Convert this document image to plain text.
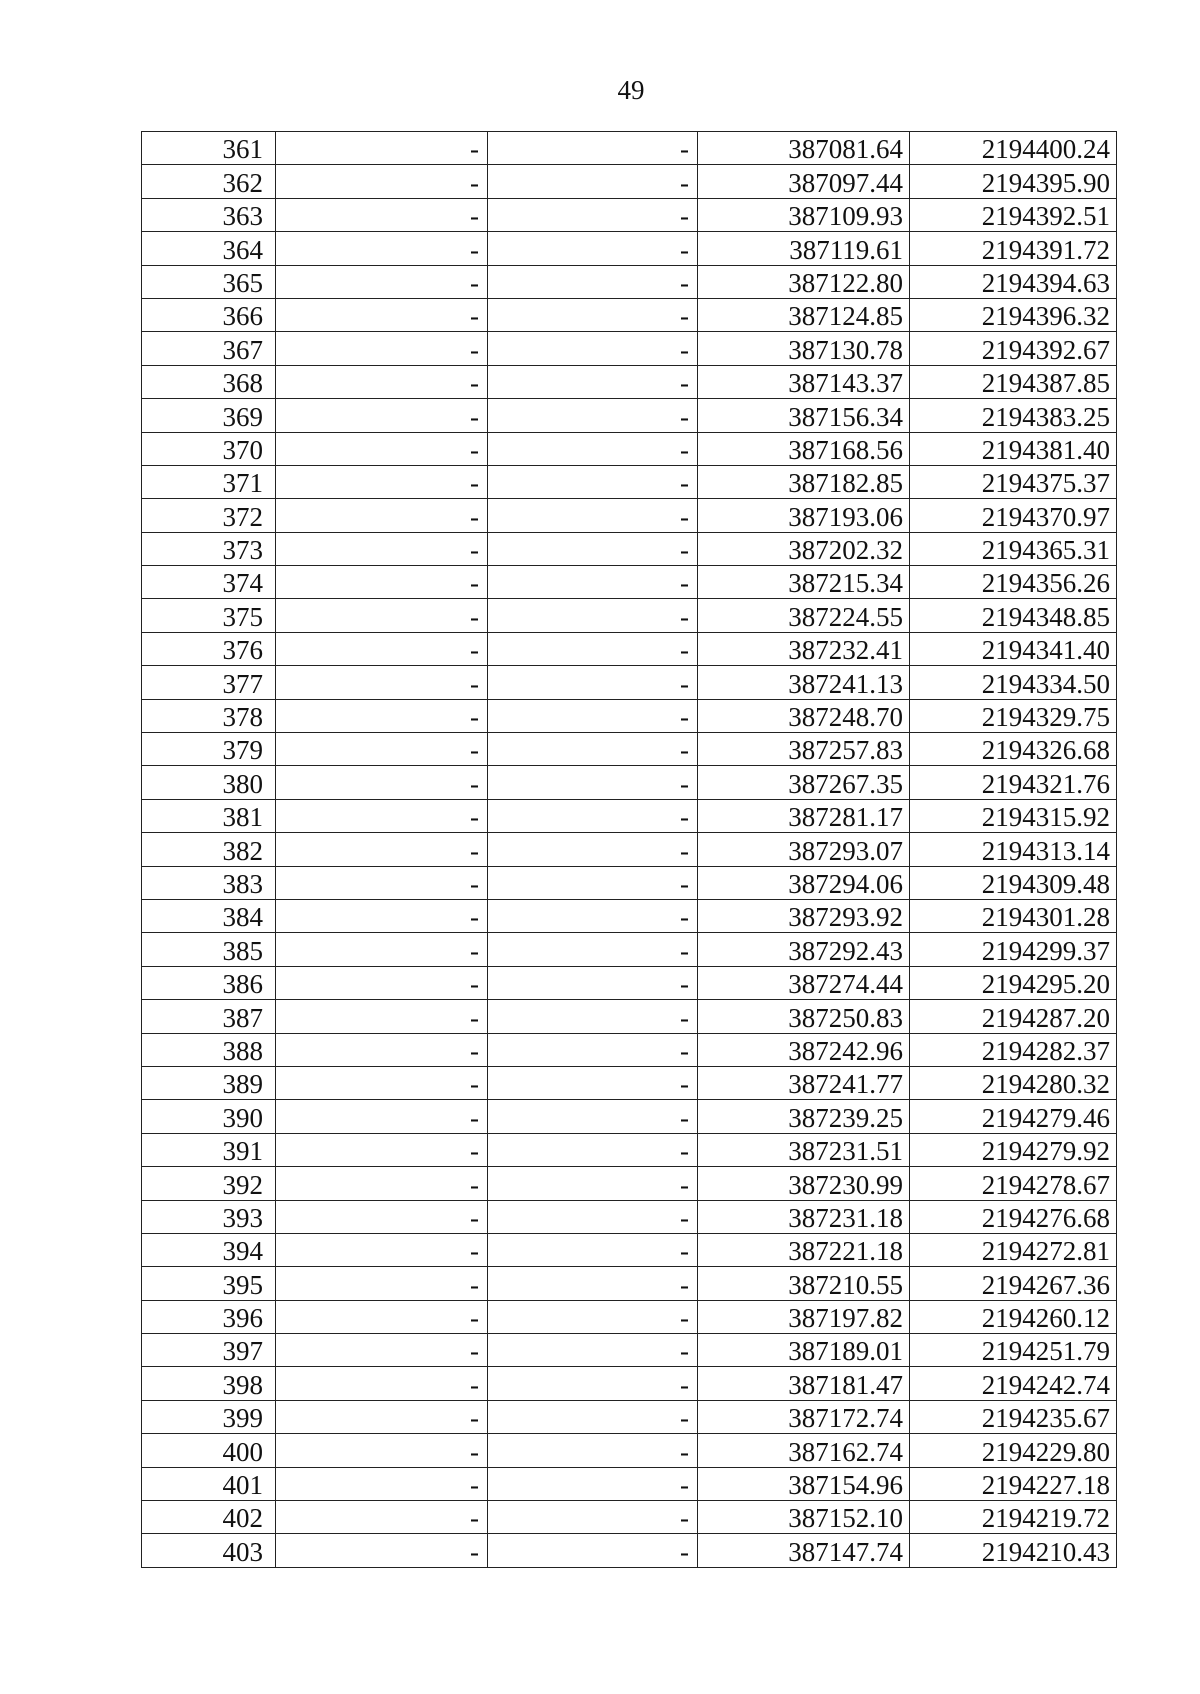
49
361	-	-	387081.64	2194400.24
362	-	-	387097.44	2194395.90
363	-	-	387109.93	2194392.51
364	-	-	387119.61	2194391.72
365	-	-	387122.80	2194394.63
366	-	-	387124.85	2194396.32
367	-	-	387130.78	2194392.67
368	-	-	387143.37	2194387.85
369	-	-	387156.34	2194383.25
370	-	-	387168.56	2194381.40
371	-	-	387182.85	2194375.37
372	-	-	387193.06	2194370.97
373	-	-	387202.32	2194365.31
374	-	-	387215.34	2194356.26
375	-	-	387224.55	2194348.85
376	-	-	387232.41	2194341.40
377	-	-	387241.13	2194334.50
378	-	-	387248.70	2194329.75
379	-	-	387257.83	2194326.68
380	-	-	387267.35	2194321.76
381	-	-	387281.17	2194315.92
382	-	-	387293.07	2194313.14
383	-	-	387294.06	2194309.48
384	-	-	387293.92	2194301.28
385	-	-	387292.43	2194299.37
386	-	-	387274.44	2194295.20
387	-	-	387250.83	2194287.20
388	-	-	387242.96	2194282.37
389	-	-	387241.77	2194280.32
390	-	-	387239.25	2194279.46
391	-	-	387231.51	2194279.92
392	-	-	387230.99	2194278.67
393	-	-	387231.18	2194276.68
394	-	-	387221.18	2194272.81
395	-	-	387210.55	2194267.36
396	-	-	387197.82	2194260.12
397	-	-	387189.01	2194251.79
398	-	-	387181.47	2194242.74
399	-	-	387172.74	2194235.67
400	-	-	387162.74	2194229.80
401	-	-	387154.96	2194227.18
402	-	-	387152.10	2194219.72
403	-	-	387147.74	2194210.43
